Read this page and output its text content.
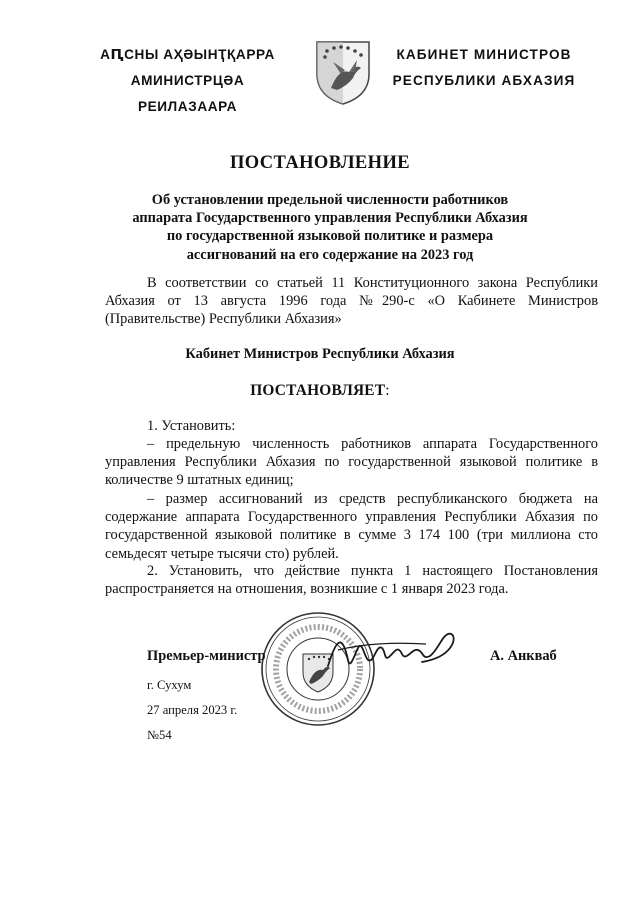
АԤСНЫ АҲӘЫНҬҚАРРА
АМИНИСТРЦӘА РЕИЛАЗААРА
КАБИНЕТ МИНИСТРОВ
РЕСПУБЛИКИ АБХАЗИЯ
ПОСТАНОВЛЕНИЕ
Об установлении предельной численности работников
аппарата Государственного управления Республики Абхазия
по государственной языковой политике и размера
ассигнований на его содержание на 2023 год
В соответствии со статьей 11 Конституционного закона Республики Абхазия от 13 августа 1996 года №290-с «О Кабинете Министров (Правительстве) Республики Абхазия»
Кабинет Министров Республики Абхазия
ПОСТАНОВЛЯЕТ:
1. Установить:
– предельную численность работников аппарата Государственного управления Республики Абхазия по государственной языковой политике в количестве 9 штатных единиц;
– размер ассигнований из средств республиканского бюджета на содержание аппарата Государственного управления Республики Абхазия по государственной языковой политике в сумме 3 174 100 (три миллиона сто семьдесят четыре тысячи сто) рублей.
2. Установить, что действие пункта 1 настоящего Постановления распространяется на отношения, возникшие с 1 января 2023 года.
Премьер-министр	А. Анкваб
г. Сухум
27 апреля 2023 г.
№54
